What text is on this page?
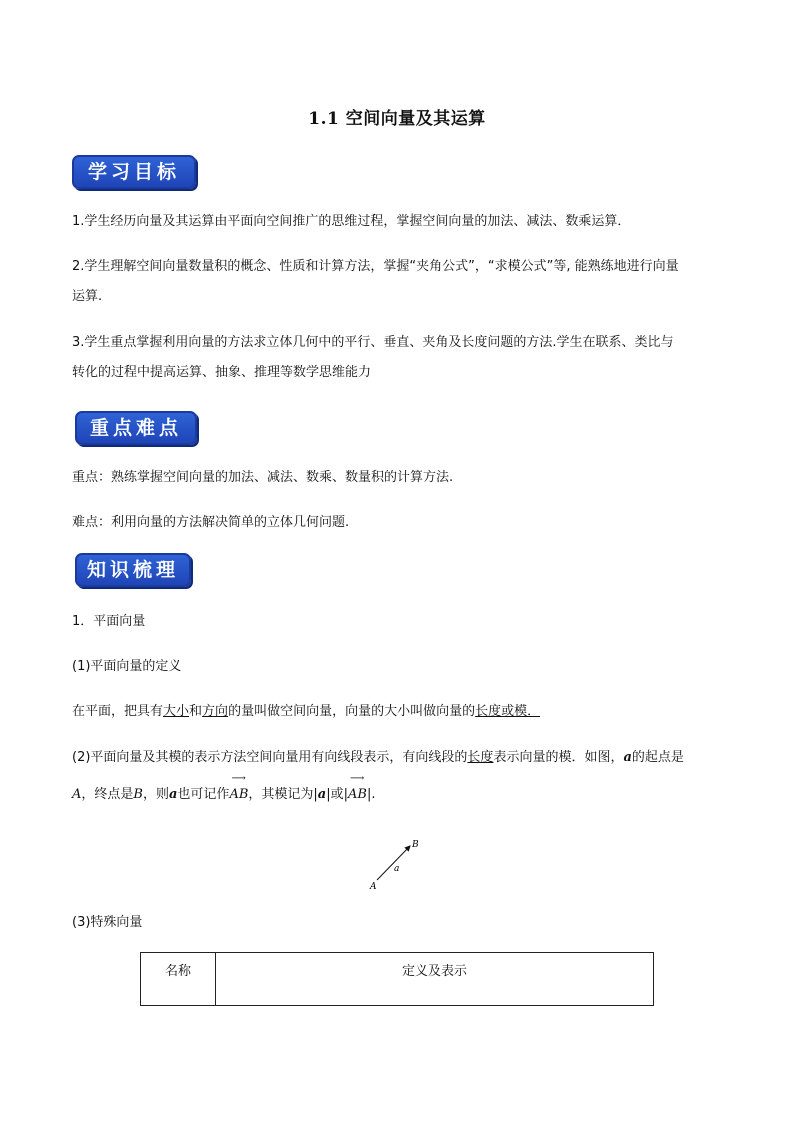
1.1 空间向量及其运算
学习目标
1.学生经历向量及其运算由平面向空间推广的思维过程，掌握空间向量的加法、减法、数乘运算．
2.学生理解空间向量数量积的概念、性质和计算方法，掌握“夹角公式”，“求模公式”等, 能熟练地进行向量
运算.
3.学生重点掌握利用向量的方法求立体几何中的平行、垂直、夹角及长度问题的方法.学生在联系、类比与
转化的过程中提高运算、抽象、推理等数学思维能力
重点难点
重点：熟练掌握空间向量的加法、减法、数乘、数量积的计算方法.
难点：利用向量的方法解决简单的立体几何问题.
知识梳理
1．平面向量
(1)平面向量的定义
在平面，把具有大小和方向的量叫做空间向量，向量的大小叫做向量的长度或模．
(2)平面向量及其模的表示方法空间向量用有向线段表示，有向线段的长度表示向量的模．如图，a的起点是
A，终点是B，则a也可记作AB
⟶
，其模记为|a|或|AB
⟶
|.
A
B
a
(3)特殊向量
名称	定义及表示
